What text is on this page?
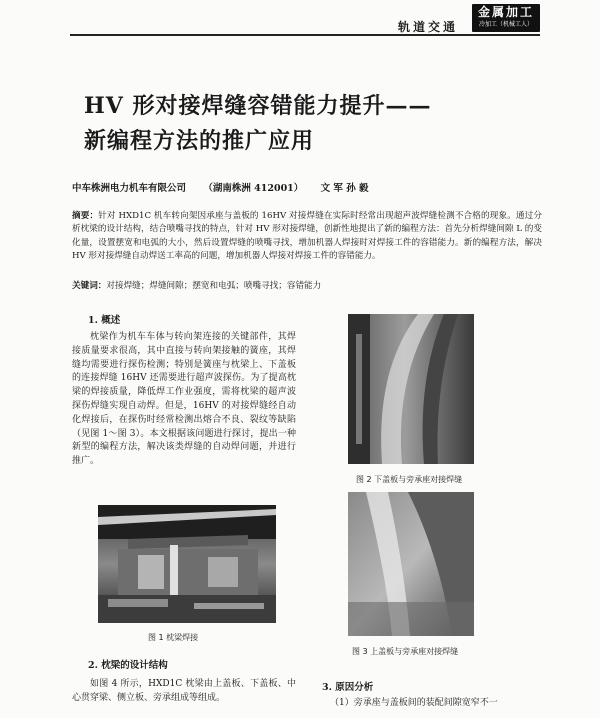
轨道交通
金属加工
冷加工（机械工人）
HV 形对接焊缝容错能力提升——
新编程方法的推广应用
中车株洲电力机车有限公司 （湖南株洲 412001） 文 军 孙 毅
摘要：针对 HXD1C 机车转向架因承座与盖板的 16HV 对接焊缝在实际时经常出现超声波焊缝检测不合格的现象。通过分析枕梁的设计结构，结合喷嘴寻找的特点，针对 HV 形对接焊缝，创新性地提出了新的编程方法：首先分析焊缝间隙 L 的变化量，设置摆宽和电弧的大小，然后设置焊缝的喷嘴寻找，增加机器人焊接时对焊接工件的容错能力。新的编程方法，解决 HV 形对接焊缝自动焊送工率高的问题，增加机器人焊接对焊接工件的容错能力。
关键词：对接焊缝；焊缝间隙；摆宽和电弧；喷嘴寻找；容错能力
1. 概述
枕梁作为机车车体与转向架连接的关键部件，其焊接质量要求很高，其中直接与转向架接触的簧座，其焊缝均需要进行探伤检测；特别是簧座与枕梁上、下盖板的连接焊缝 16HV 还需要进行超声波探伤。为了提高枕梁的焊接质量，降低焊工作业强度，需将枕梁的超声波探伤焊缝实现自动焊。但是，16HV 的对接焊缝经自动化焊接后，在探伤时经常检测出熔合不良、裂纹等缺陷（见图 1～图 3）。本文根据该问题进行探讨，提出一种新型的编程方法，解决该类焊缝的自动焊问题，并进行推广。
图 1 枕梁焊接
图 2 下盖板与旁承座对接焊缝
图 3 上盖板与旁承座对接焊缝
2. 枕梁的设计结构
如图 4 所示，HXD1C 枕梁由上盖板、下盖板、中心贯穿梁、侧立板、旁承组成等组成。
3. 原因分析
（1）旁承座与盖板间的装配间隙宽窄不一
